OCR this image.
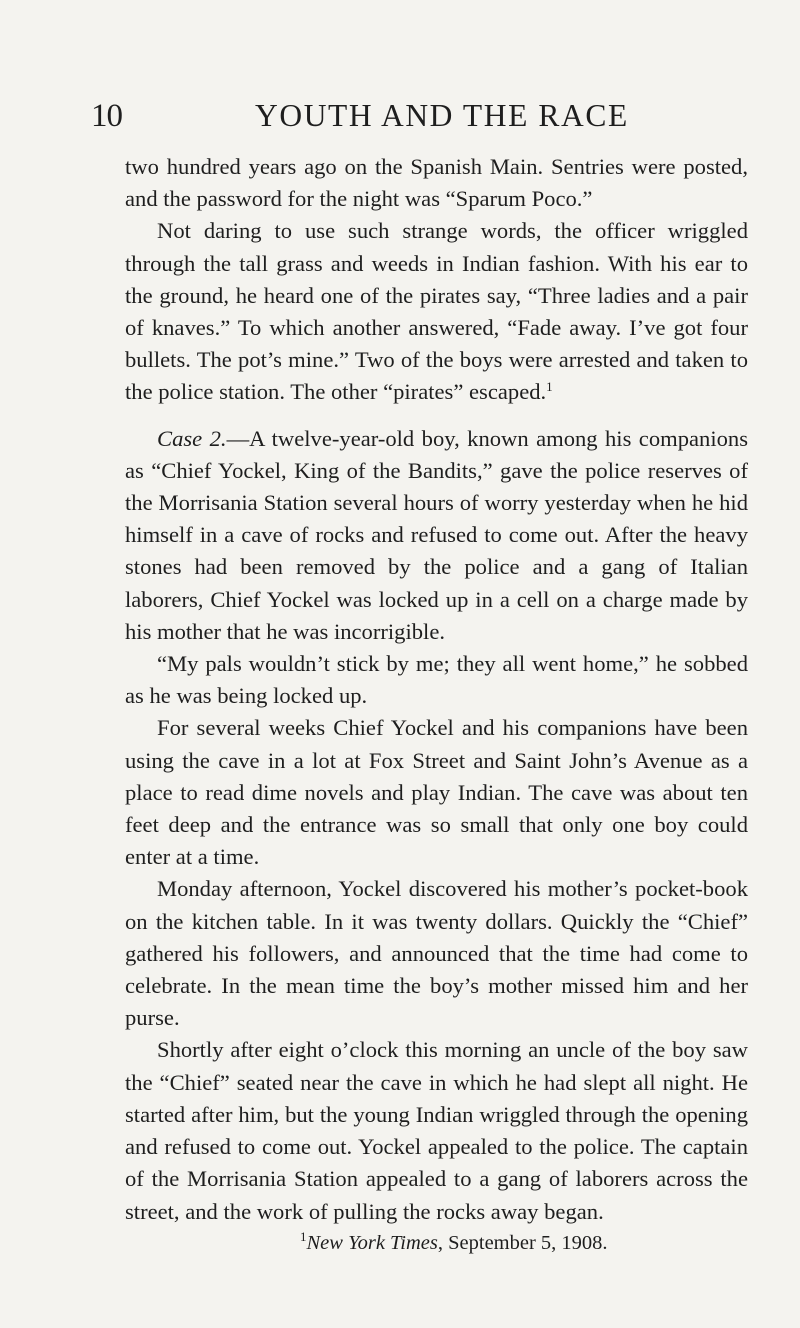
10	YOUTH AND THE RACE

two hundred years ago on the Spanish Main. Sentries were posted, and the password for the night was “Sparum Poco.”

Not daring to use such strange words, the officer wriggled through the tall grass and weeds in Indian fashion. With his ear to the ground, he heard one of the pirates say, “Three ladies and a pair of knaves.” To which another answered, “Fade away. I’ve got four bullets. The pot’s mine.” Two of the boys were arrested and taken to the police station. The other “pirates” escaped.$^1$

Case 2.—A twelve-year-old boy, known among his companions as “Chief Yockel, King of the Bandits,” gave the police reserves of the Morrisania Station several hours of worry yesterday when he hid himself in a cave of rocks and refused to come out. After the heavy stones had been removed by the police and a gang of Italian laborers, Chief Yockel was locked up in a cell on a charge made by his mother that he was incorrigible.

“My pals wouldn’t stick by me; they all went home,” he sobbed as he was being locked up.

For several weeks Chief Yockel and his companions have been using the cave in a lot at Fox Street and Saint John’s Avenue as a place to read dime novels and play Indian. The cave was about ten feet deep and the entrance was so small that only one boy could enter at a time.

Monday afternoon, Yockel discovered his mother’s pocket-book on the kitchen table. In it was twenty dollars. Quickly the “Chief” gathered his followers, and announced that the time had come to celebrate. In the mean time the boy’s mother missed him and her purse.

Shortly after eight o’clock this morning an uncle of the boy saw the “Chief” seated near the cave in which he had slept all night. He started after him, but the young Indian wriggled through the opening and refused to come out. Yockel appealed to the police. The captain of the Morrisania Station appealed to a gang of laborers across the street, and the work of pulling the rocks away began.

$^1$New York Times, September 5, 1908.
